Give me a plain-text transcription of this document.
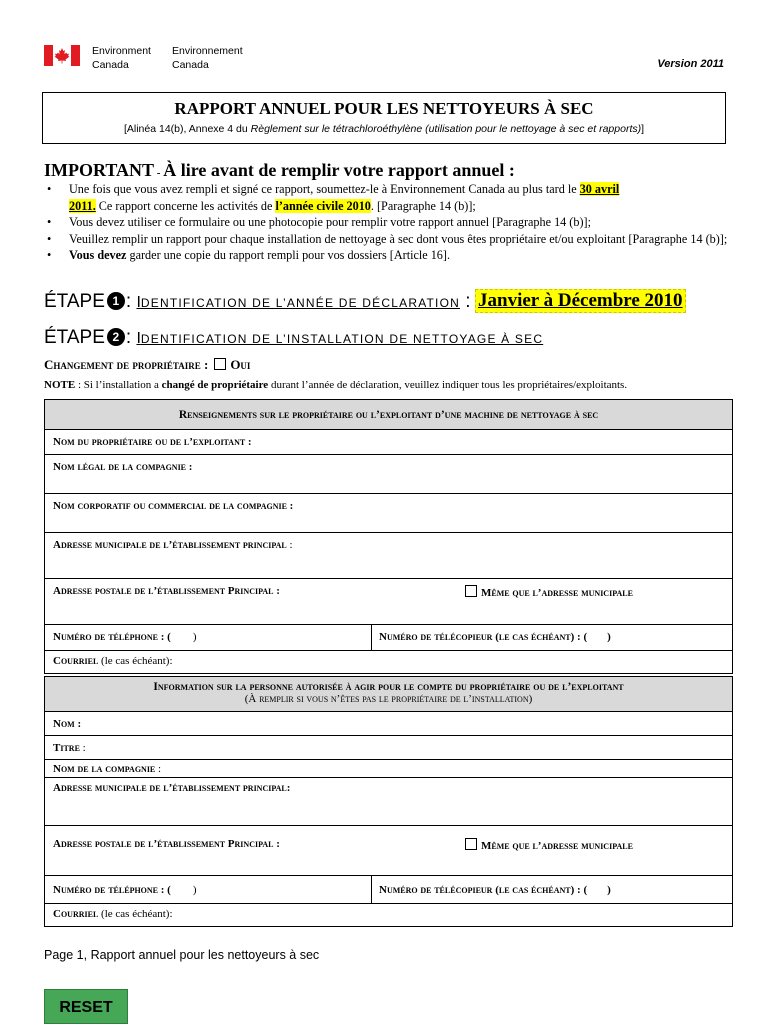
Environment
Canada
Environnement
Canada	Version 2011
RAPPORT ANNUEL POUR LES NETTOYEURS À SEC
[Alinéa 14(b), Annexe 4 du Règlement sur le tétrachloroéthylène (utilisation pour le nettoyage à sec et rapports)]
IMPORTANT - À lire avant de remplir votre rapport annuel :
• Une fois que vous avez rempli et signé ce rapport, soumettez-le à Environnement Canada au plus tard le 30 avril
2011. Ce rapport concerne les activités de l’année civile 2010. [Paragraphe 14 (b)];
• Vous devez utiliser ce formulaire ou une photocopie pour remplir votre rapport annuel [Paragraphe 14 (b)];
• Veuillez remplir un rapport pour chaque installation de nettoyage à sec dont vous êtes propriétaire et/ou exploitant [Paragraphe 14 (b)];
• Vous devez garder une copie du rapport rempli pour vos dossiers [Article 16].
ÉTAPE 1 : IDENTIFICATION DE L’ANNÉE DE DÉCLARATION : Janvier à Décembre 2010
ÉTAPE 2 : IDENTIFICATION DE L’INSTALLATION DE NETTOYAGE À SEC
Changement de propriétaire : Oui
NOTE : Si l’installation a changé de propriétaire durant l’année de déclaration, veuillez indiquer tous les propriétaires/exploitants.
Renseignements sur le propriétaire ou l’exploitant d’une machine de nettoyage à sec
Nom du propriétaire ou de l’exploitant :
Nom légal de la compagnie :
Nom corporatif ou commercial de la compagnie :
Adresse municipale de l’établissement principal :
Adresse postale de l’établissement Principal :	Même que l’adresse municipale
Numéro de téléphone : ( )	Numéro de télécopieur (le cas échéant) : ( )
Courriel (le cas échéant):
Information sur la personne autorisée à agir pour le compte du propriétaire ou de l’exploitant
(À remplir si vous n’êtes pas le propriétaire de l’installation)
Nom :
Titre :
Nom de la compagnie :
Adresse municipale de l’établissement principal:
Adresse postale de l’établissement Principal :	Même que l’adresse municipale
Numéro de téléphone : ( )	Numéro de télécopieur (le cas échéant) : ( )
Courriel (le cas échéant):
Page 1, Rapport annuel pour les nettoyeurs à sec
RESET
